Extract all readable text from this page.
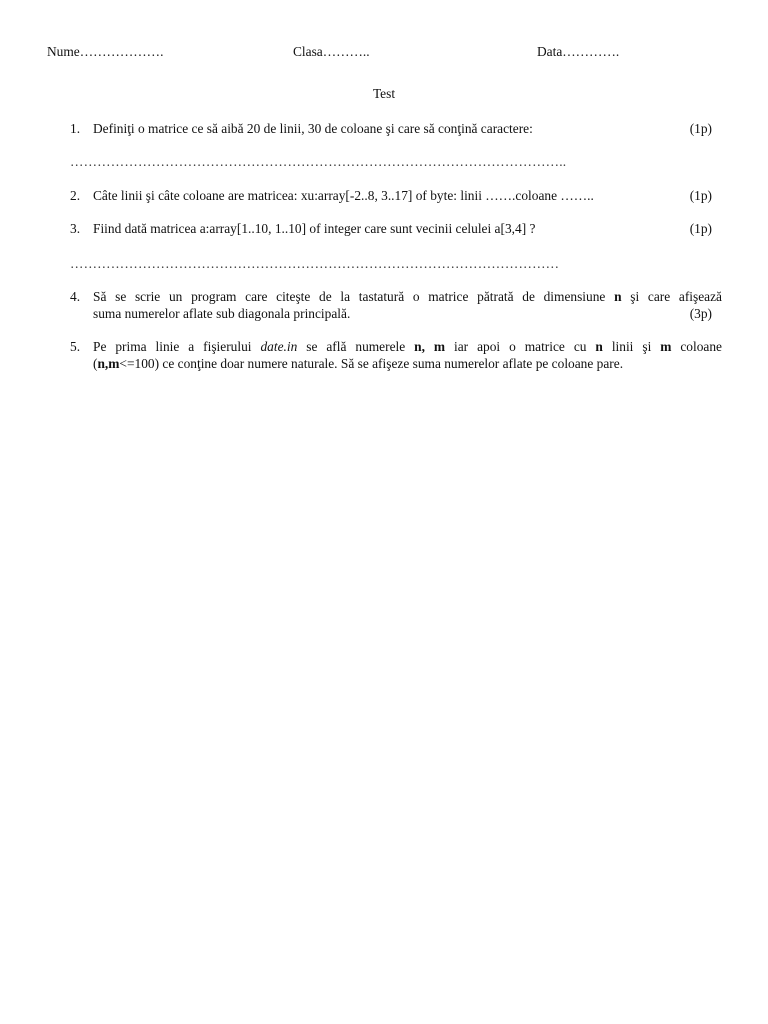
Nume……………….	Clasa………..	Data………….
Test
1. Definiţi o matrice ce să aibă 20 de linii, 30 de coloane şi care să conţină caractere:	(1p)
………………………………………………………………………………………………..
2. Câte linii şi câte coloane are matricea: xu:array[-2..8, 3..17] of byte: linii …….coloane ……..	(1p)
3. Fiind dată matricea a:array[1..10, 1..10] of integer care sunt vecinii celulei a[3,4] ?	(1p)
………………………………………………………………………………………………
4. Să se scrie un program care citeşte de la tastatură o matrice pătrată de dimensiune n şi care afişează
suma numerelor aflate sub diagonala principală.	(3p)
5. Pe prima linie a fişierului date.in se află numerele n, m iar apoi o matrice cu n linii şi m coloane
(n,m<=100) ce conţine doar numere naturale. Să se afişeze suma numerelor aflate pe coloane pare.
